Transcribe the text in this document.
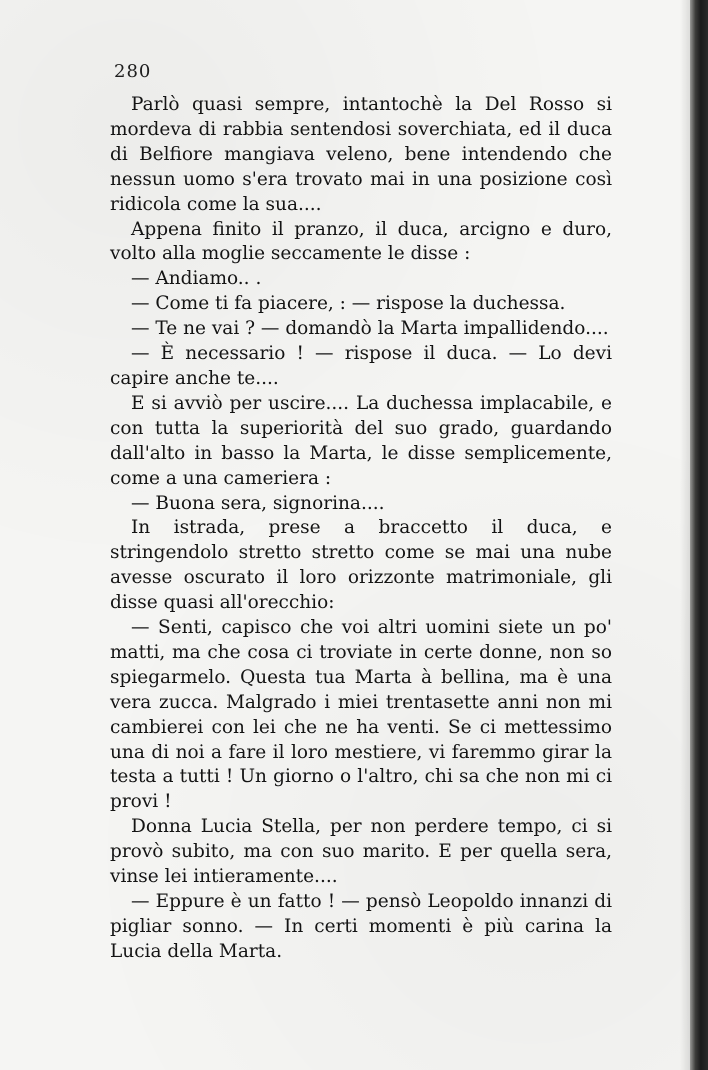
280

Parlò quasi sempre, intantochè la Del Rosso si mordeva di rabbia sentendosi soverchiata, ed il duca di Belfiore mangiava veleno, bene intendendo che nessun uomo s'era trovato mai in una posizione così ridicola come la sua....

Appena finito il pranzo, il duca, arcigno e duro, volto alla moglie seccamente le disse :

— Andiamo.. .

— Come ti fa piacere, : — rispose la duchessa.

— Te ne vai ? — domandò la Marta impallidendo....

— È necessario ! — rispose il duca. — Lo devi capire anche te....

E si avviò per uscire.... La duchessa implacabile, e con tutta la superiorità del suo grado, guardando dall'alto in basso la Marta, le disse semplicemente, come a una cameriera :

— Buona sera, signorina....

In istrada, prese a braccetto il duca, e stringendolo stretto stretto come se mai una nube avesse oscurato il loro orizzonte matrimoniale, gli disse quasi all'orecchio:

— Senti, capisco che voi altri uomini siete un po' matti, ma che cosa ci troviate in certe donne, non so spiegarmelo. Questa tua Marta à bellina, ma è una vera zucca. Malgrado i miei trentasette anni non mi cambierei con lei che ne ha venti. Se ci mettessimo una di noi a fare il loro mestiere, vi faremmo girar la testa a tutti ! Un giorno o l'altro, chi sa che non mi ci provi !

Donna Lucia Stella, per non perdere tempo, ci si provò subito, ma con suo marito. E per quella sera, vinse lei intieramente....

— Eppure è un fatto ! — pensò Leopoldo innanzi di pigliar sonno. — In certi momenti è più carina la Lucia della Marta.
